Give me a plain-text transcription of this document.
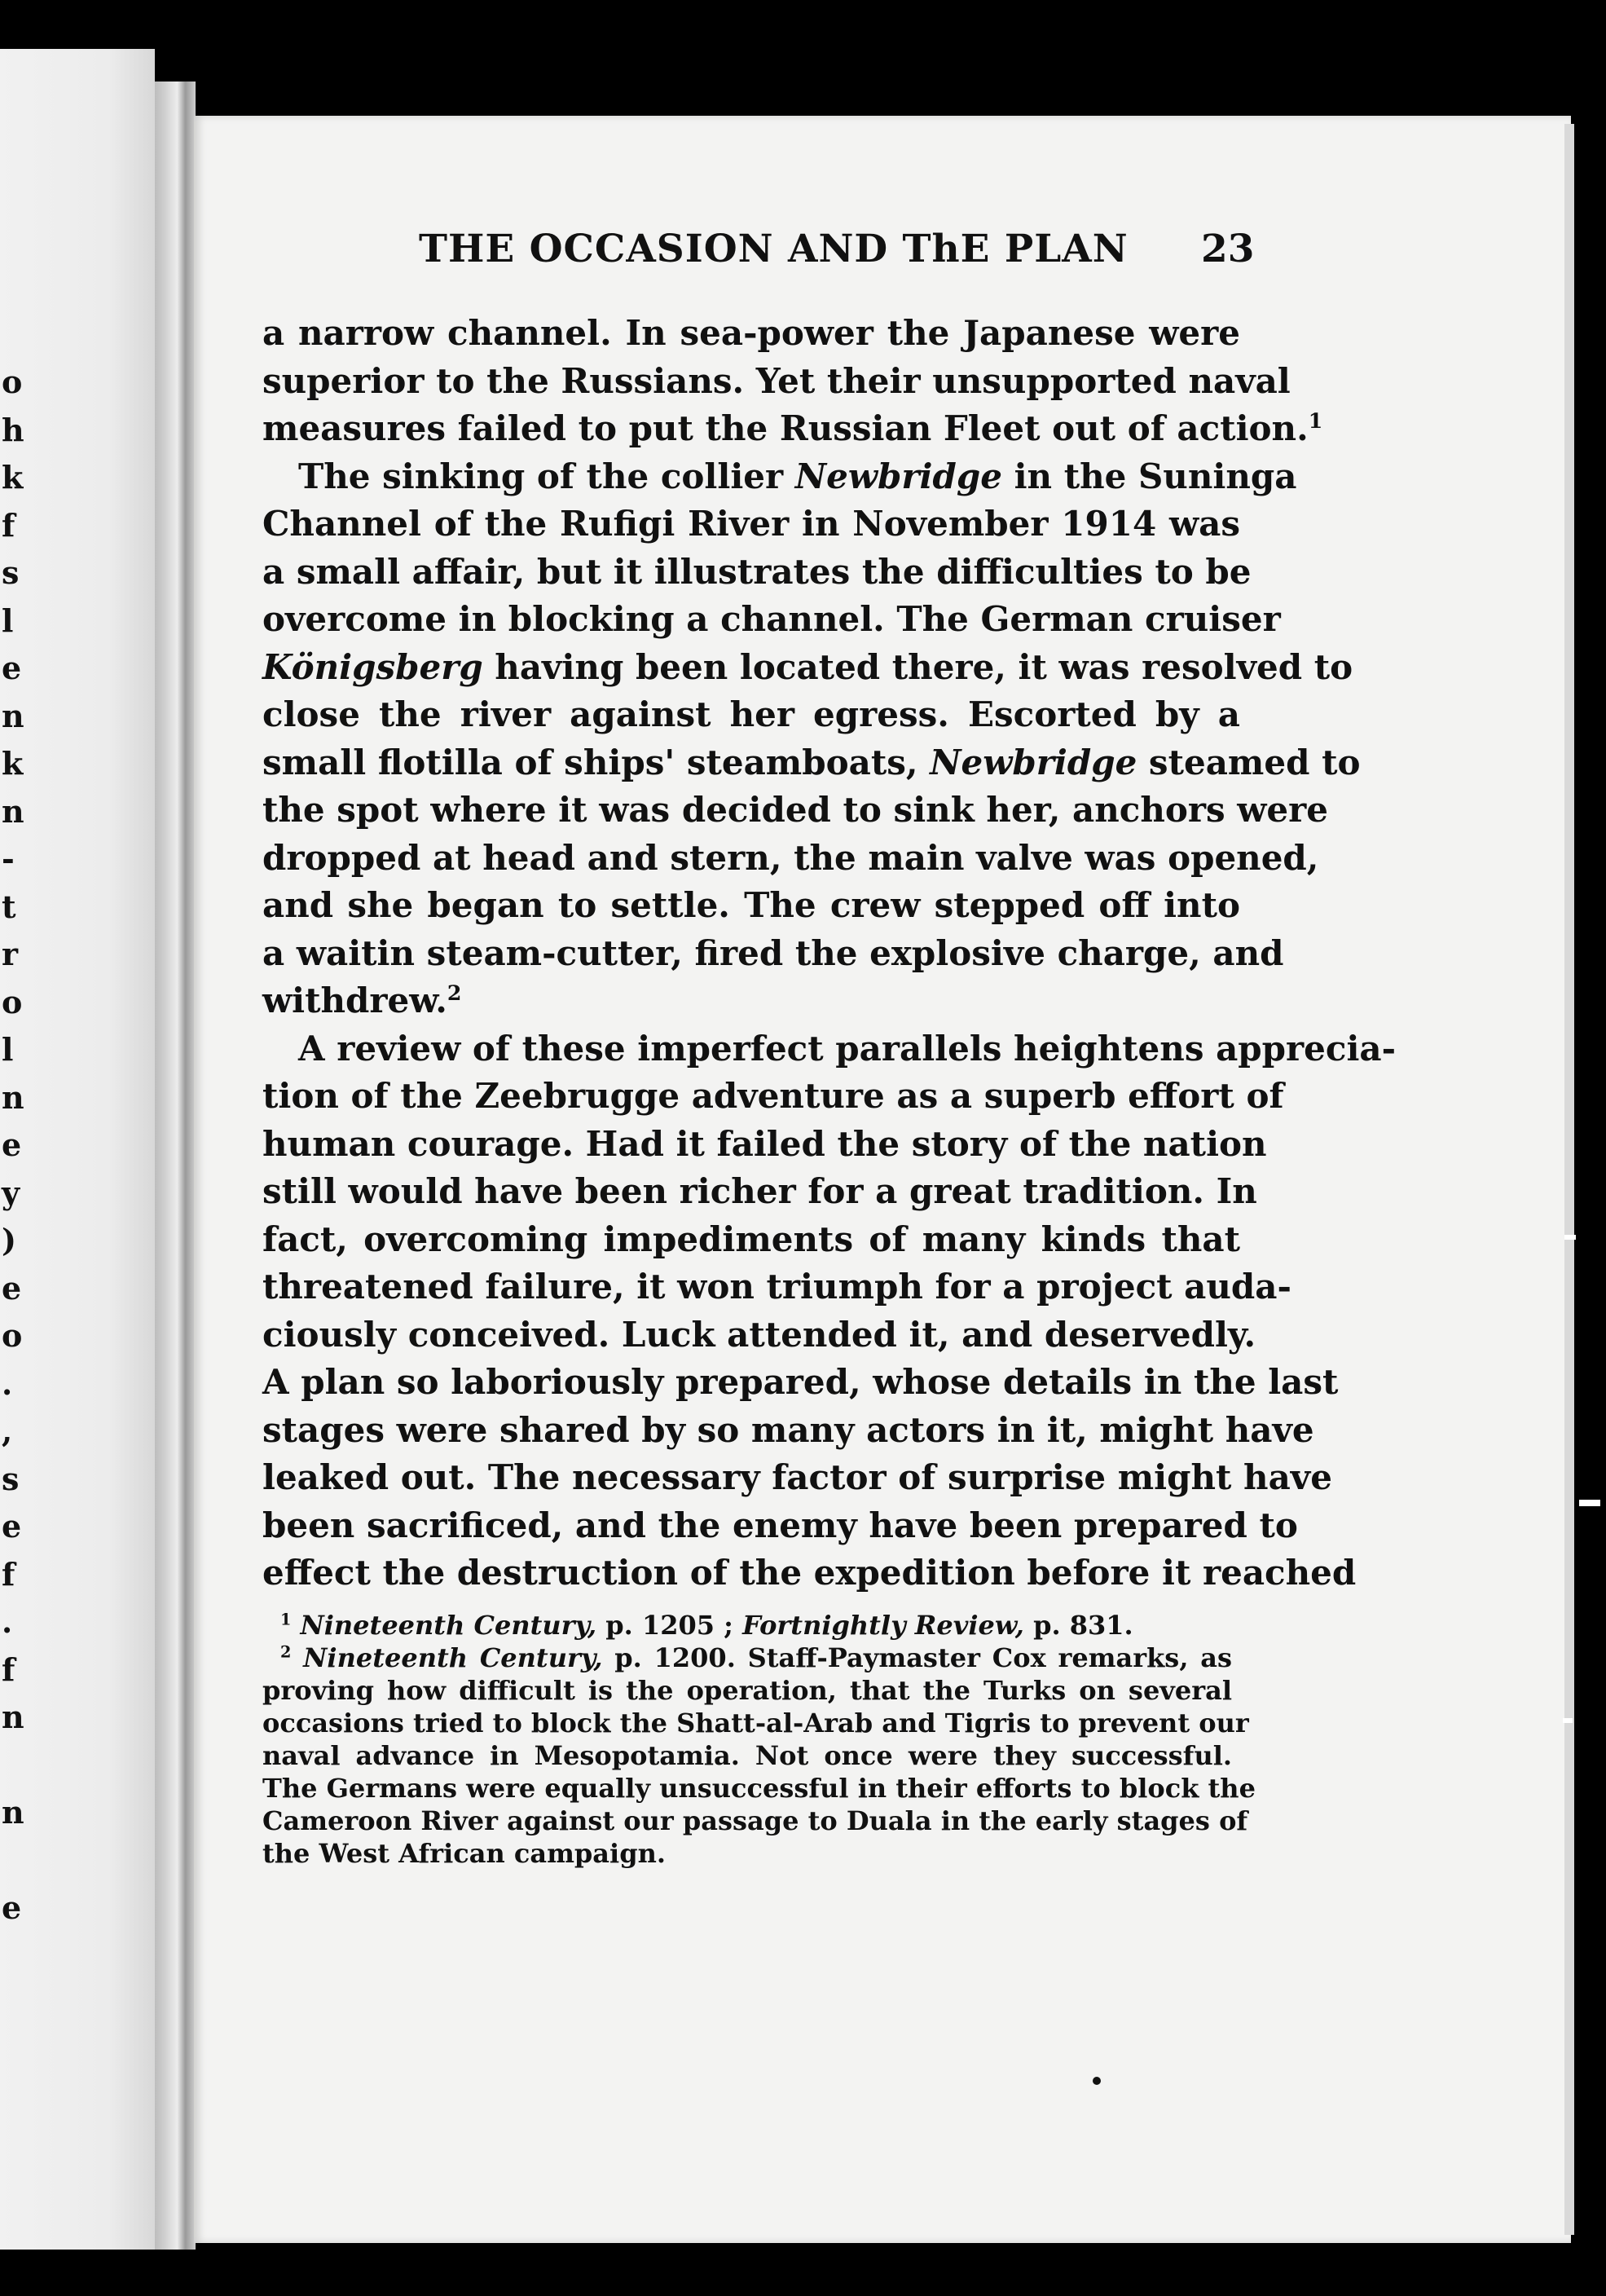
o
h
k
f
s
l
e
n
k
n
-
t
r
o
l
n
e
y
)
e
o
.
,
s
e
f
.
f
n
n
e
THE OCCASION AND ThE PLAN	23
a narrow channel. In sea-power the Japanese were
superior to the Russians. Yet their unsupported naval
measures failed to put the Russian Fleet out of action.$^1$
The sinking of the collier Newbridge in the Suninga
Channel of the Rufigi River in November 1914 was
a small affair, but it illustrates the difficulties to be
overcome in blocking a channel. The German cruiser
Königsberg having been located there, it was resolved to
close the river against her egress. Escorted by a
small flotilla of ships' steamboats, Newbridge steamed to
the spot where it was decided to sink her, anchors were
dropped at head and stern, the main valve was opened,
and she began to settle. The crew stepped off into
a waitin steam-cutter, fired the explosive charge, and
withdrew.$^2$
A review of these imperfect parallels heightens apprecia-
tion of the Zeebrugge adventure as a superb effort of
human courage. Had it failed the story of the nation
still would have been richer for a great tradition. In
fact, overcoming impediments of many kinds that
threatened failure, it won triumph for a project auda-
ciously conceived. Luck attended it, and deservedly.
A plan so laboriously prepared, whose details in the last
stages were shared by so many actors in it, might have
leaked out. The necessary factor of surprise might have
been sacrificed, and the enemy have been prepared to
effect the destruction of the expedition before it reached
$^1$ Nineteenth Century, p. 1205 ; Fortnightly Review, p. 831.
$^2$ Nineteenth Century, p. 1200. Staff-Paymaster Cox remarks, as
proving how difficult is the operation, that the Turks on several
occasions tried to block the Shatt-al-Arab and Tigris to prevent our
naval advance in Mesopotamia. Not once were they successful.
The Germans were equally unsuccessful in their efforts to block the
Cameroon River against our passage to Duala in the early stages of
the West African campaign.
